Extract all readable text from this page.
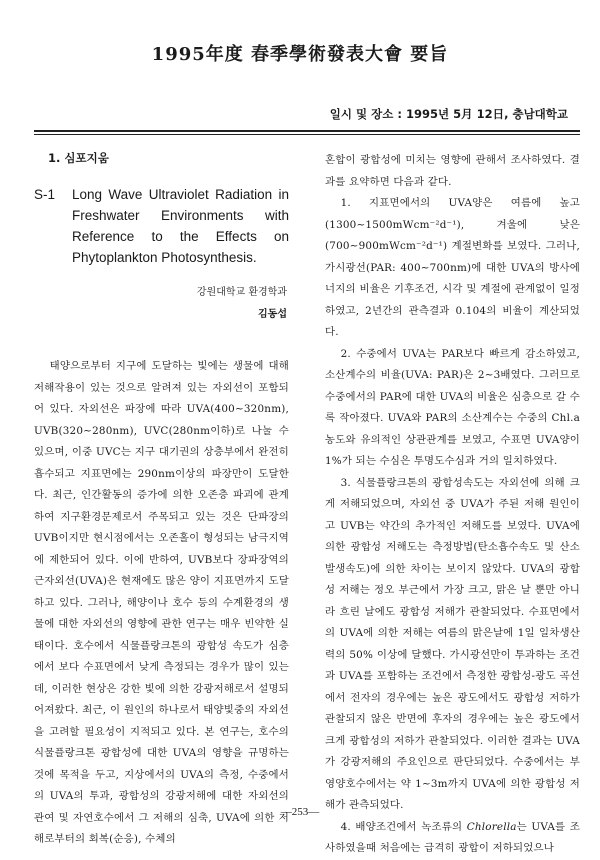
1995年度 春季學術發表大會 要旨
일시 및 장소 : 1995년 5月 12日, 충남대학교
1. 심포지움
S-1	Long Wave Ultraviolet Radiation in Freshwater Environments with Reference to the Effects on Phytoplankton Photosynthesis.
강원대학교 환경학과
김동섭

태양으로부터 지구에 도달하는 빛에는 생물에 대해 저해작용이 있는 것으로 알려져 있는 자외선이 포함되어 있다. 자외선은 파장에 따라 UVA(400∼320nm), UVB(320∼280nm), UVC(280nm이하)로 나눌 수 있으며, 이중 UVC는 지구 대기권의 상층부에서 완전히 흡수되고 지표면에는 290nm이상의 파장만이 도달한다. 최근, 인간활동의 증가에 의한 오존층 파괴에 관계하여 지구환경문제로서 주목되고 있는 것은 단파장의 UVB이지만 현시점에서는 오존홀이 형성되는 남극지역에 제한되어 있다. 이에 반하여, UVB보다 장파장역의 근자외선(UVA)은 현재에도 많은 양이 지표면까지 도달하고 있다. 그러나, 해양이나 호수 등의 수계환경의 생물에 대한 자외선의 영향에 관한 연구는 매우 빈약한 실태이다. 호수에서 식물플랑크톤의 광합성 속도가 심층에서 보다 수표면에서 낮게 측정되는 경우가 많이 있는데, 이러한 현상은 강한 빛에 의한 강광저해로서 설명되어져왔다. 최근, 이 원인의 하나로서 태양빛중의 자외선을 고려할 필요성이 지적되고 있다. 본 연구는, 호수의 식물플랑크톤 광합성에 대한 UVA의 영향을 규명하는것에 목적을 두고, 지상에서의 UVA의 측정, 수중에서의 UVA의 투과, 광합성의 강광저해에 대한 자외선의 관여 및 자연호수에서 그 저해의 심축, UVA에 의한 저해로부터의 회복(순응), 수체의

혼합이 광합성에 미치는 영향에 관해서 조사하였다. 결과를 요약하면 다음과 같다.

1. 지표면에서의 UVA양은 여름에 높고(1300∼1500mWcm⁻²d⁻¹), 겨울에 낮은(700∼900mWcm⁻²d⁻¹) 계절변화를 보였다. 그러나, 가시광선(PAR: 400∼700nm)에 대한 UVA의 방사에너지의 비율은 기후조건, 시각 및 계절에 관계없이 일정하였고, 2년간의 관측결과 0.104의 비율이 계산되었다.

2. 수중에서 UVA는 PAR보다 빠르게 감소하였고, 소산계수의 비율(UVA: PAR)은 2∼3배였다. 그러므로 수중에서의 PAR에 대한 UVA의 비율은 심층으로 갈 수록 작아졌다. UVA와 PAR의 소산계수는 수중의 Chl.a 농도와 유의적인 상관관계를 보였고, 수표면 UVA양이 1%가 되는 수심은 투명도수심과 거의 일치하였다.

3. 식물플랑크톤의 광합성속도는 자외선에 의해 크게 저해되었으며, 자외선 중 UVA가 주된 저해 원인이고 UVB는 약간의 추가적인 저해도를 보였다. UVA에 의한 광합성 저해도는 측정방법(탄소흡수속도 및 산소발생속도)에 의한 차이는 보이지 않았다. UVA의 광합성 저해는 정오 부근에서 가장 크고, 맑은 날 뿐만 아니라 흐린 날에도 광합성 저해가 관찰되었다. 수표면에서의 UVA에 의한 저해는 여름의 맑은날에 1일 일차생산력의 50% 이상에 달했다. 가시광선만이 투과하는 조건과 UVA를 포함하는 조건에서 측정한 광합성-광도 곡선에서 전자의 경우에는 높은 광도에서도 광합성 저하가 관찰되지 않은 반면에 후자의 경우에는 높은 광도에서 크게 광합성의 저하가 관찰되었다. 이러한 결과는 UVA가 강광저해의 주요인으로 판단되었다. 수중에서는 부영양호수에서는 약 1∼3m까지 UVA에 의한 광합성 저해가 관측되었다.

4. 배양조건에서 녹조류의 Chlorella는 UVA를 조사하였을때 처음에는 급격히 광합이 저하되었으나

—253—
